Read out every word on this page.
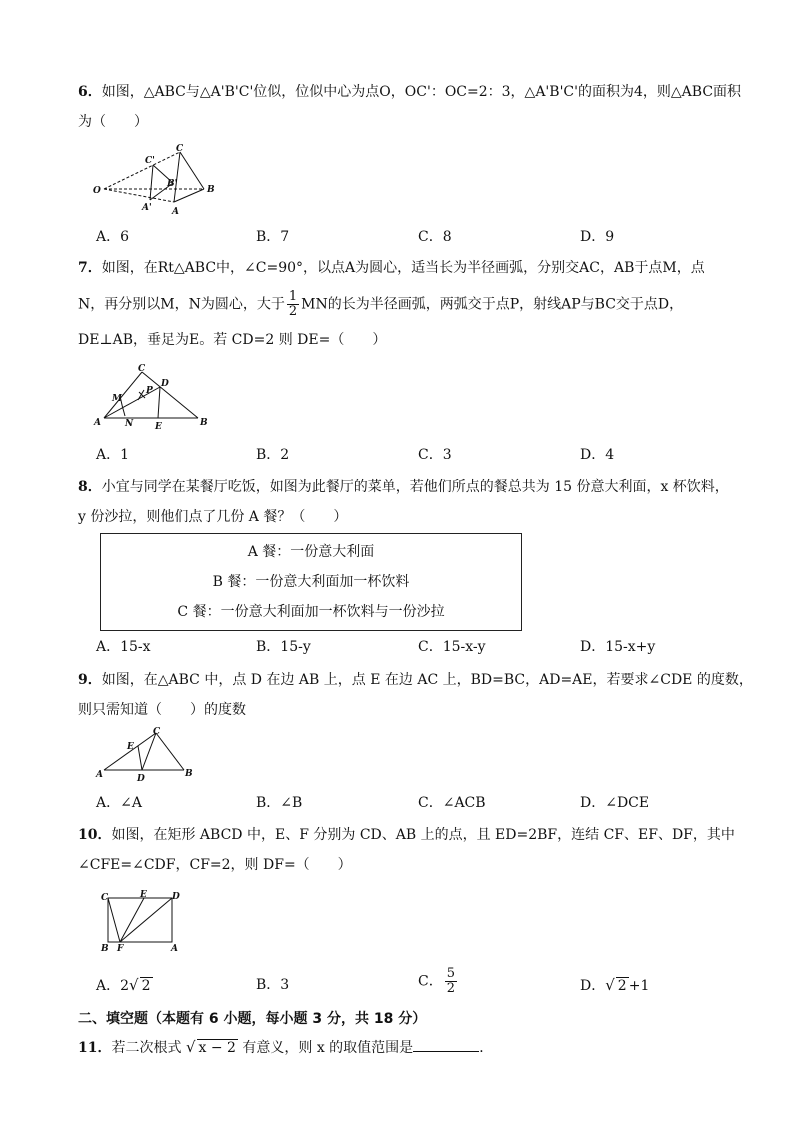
6．如图，△ABC与△A'B'C'位似，位似中心为点O，OC'：OC=2：3，△A'B'C'的面积为4，则△ABC面积
为（　　）
O
C
B
A
C'
B'
A'
A．6	B．7	C．8	D．9
7．如图，在Rt△ABC中，∠C=90°，以点A为圆心，适当长为半径画弧，分别交AC，AB于点M，点
N，再分别以M，N为圆心，大于 $\frac{1}{2}$ MN的长为半径画弧，两弧交于点P，射线AP与BC交于点D，
DE⊥AB，垂足为E。若 CD=2 则 DE=（　　）
A
C
B
D
E
M
N
P
A．1	B．2	C．3	D．4
8．小宜与同学在某餐厅吃饭，如图为此餐厅的菜单，若他们所点的餐总共为 15 份意大利面，x 杯饮料，
y 份沙拉，则他们点了几份 A 餐？（　　）
A 餐：一份意大利面
B 餐：一份意大利面加一杯饮料
C 餐：一份意大利面加一杯饮料与一份沙拉
A．15-x	B．15-y	C．15-x-y	D．15-x+y
9．如图，在△ABC 中，点 D 在边 AB 上，点 E 在边 AC 上，BD=BC，AD=AE，若要求∠CDE 的度数，
则只需知道（　　）的度数
A
C
B
E
D
A．∠A	B．∠B	C．∠ACB	D．∠DCE
10．如图，在矩形 ABCD 中，E、F 分别为 CD、AB 上的点，且 ED=2BF，连结 CF、EF、DF，其中
∠CFE=∠CDF，CF=2，则 DF=（　　）
C	E	D
B F	A
A．2√ 2	B．3	C． $\frac{5}{2}$	D．√ 2 +1
二、填空题（本题有 6 小题，每小题 3 分，共 18 分）
11．若二次根式 √ x − 2 有意义，则 x 的取值范围是	．
